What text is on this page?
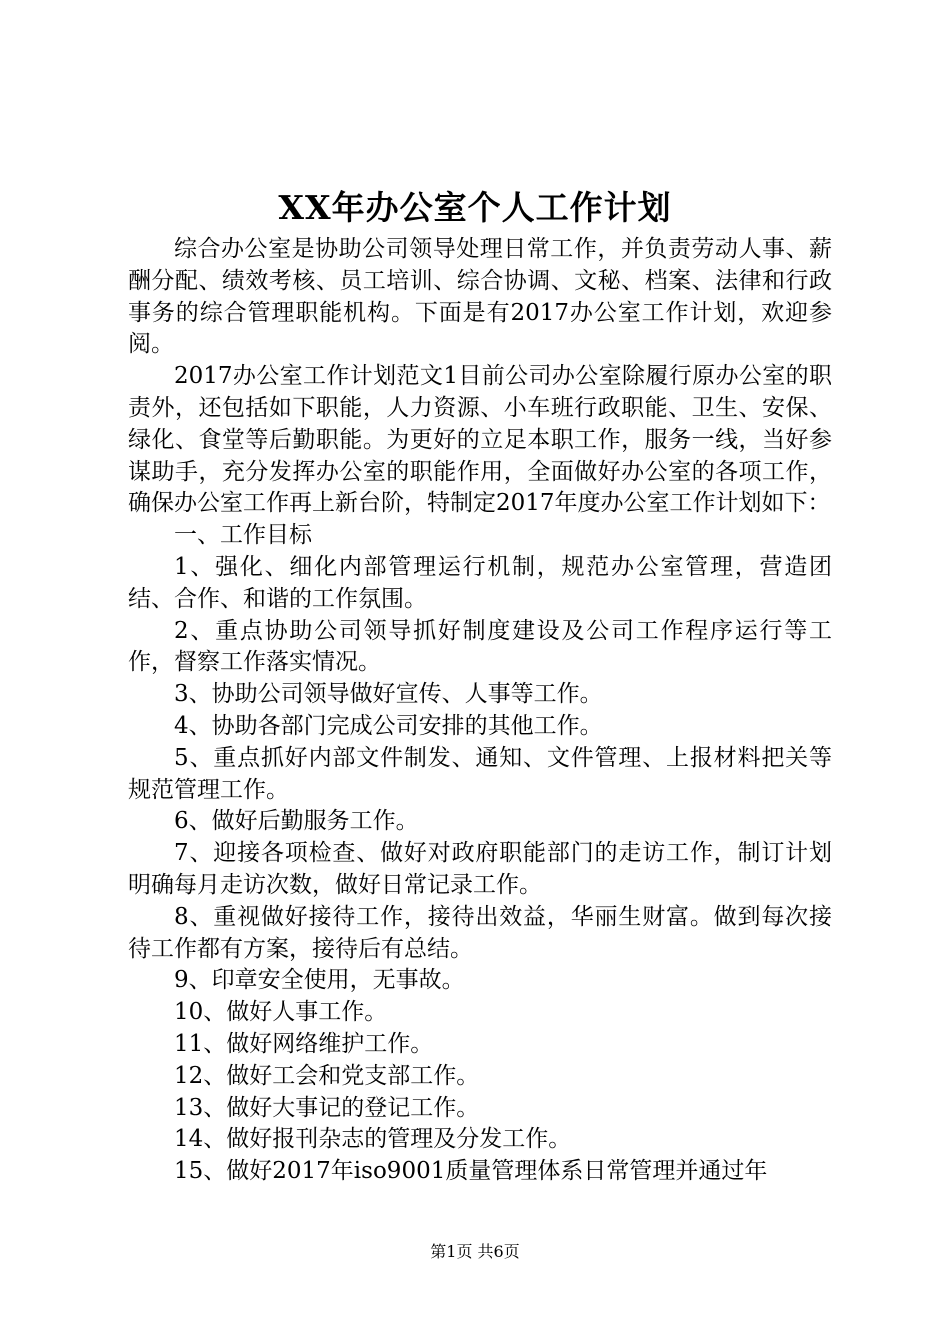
XX年办公室个人工作计划

综合办公室是协助公司领导处理日常工作，并负责劳动人事、薪酬分配、绩效考核、员工培训、综合协调、文秘、档案、法律和行政事务的综合管理职能机构。下面是有2017办公室工作计划，欢迎参阅。

2017办公室工作计划范文1目前公司办公室除履行原办公室的职责外，还包括如下职能，人力资源、小车班行政职能、卫生、安保、绿化、食堂等后勤职能。为更好的立足本职工作，服务一线，当好参谋助手，充分发挥办公室的职能作用，全面做好办公室的各项工作，确保办公室工作再上新台阶，特制定2017年度办公室工作计划如下：

一、工作目标

1、强化、细化内部管理运行机制，规范办公室管理，营造团结、合作、和谐的工作氛围。

2、重点协助公司领导抓好制度建设及公司工作程序运行等工作，督察工作落实情况。

3、协助公司领导做好宣传、人事等工作。

4、协助各部门完成公司安排的其他工作。

5、重点抓好内部文件制发、通知、文件管理、上报材料把关等规范管理工作。

6、做好后勤服务工作。

7、迎接各项检查、做好对政府职能部门的走访工作，制订计划明确每月走访次数，做好日常记录工作。

8、重视做好接待工作，接待出效益，华丽生财富。做到每次接待工作都有方案，接待后有总结。

9、印章安全使用，无事故。

10、做好人事工作。

11、做好网络维护工作。

12、做好工会和党支部工作。

13、做好大事记的登记工作。

14、做好报刊杂志的管理及分发工作。

15、做好2017年iso9001质量管理体系日常管理并通过年

第1页 共6页
